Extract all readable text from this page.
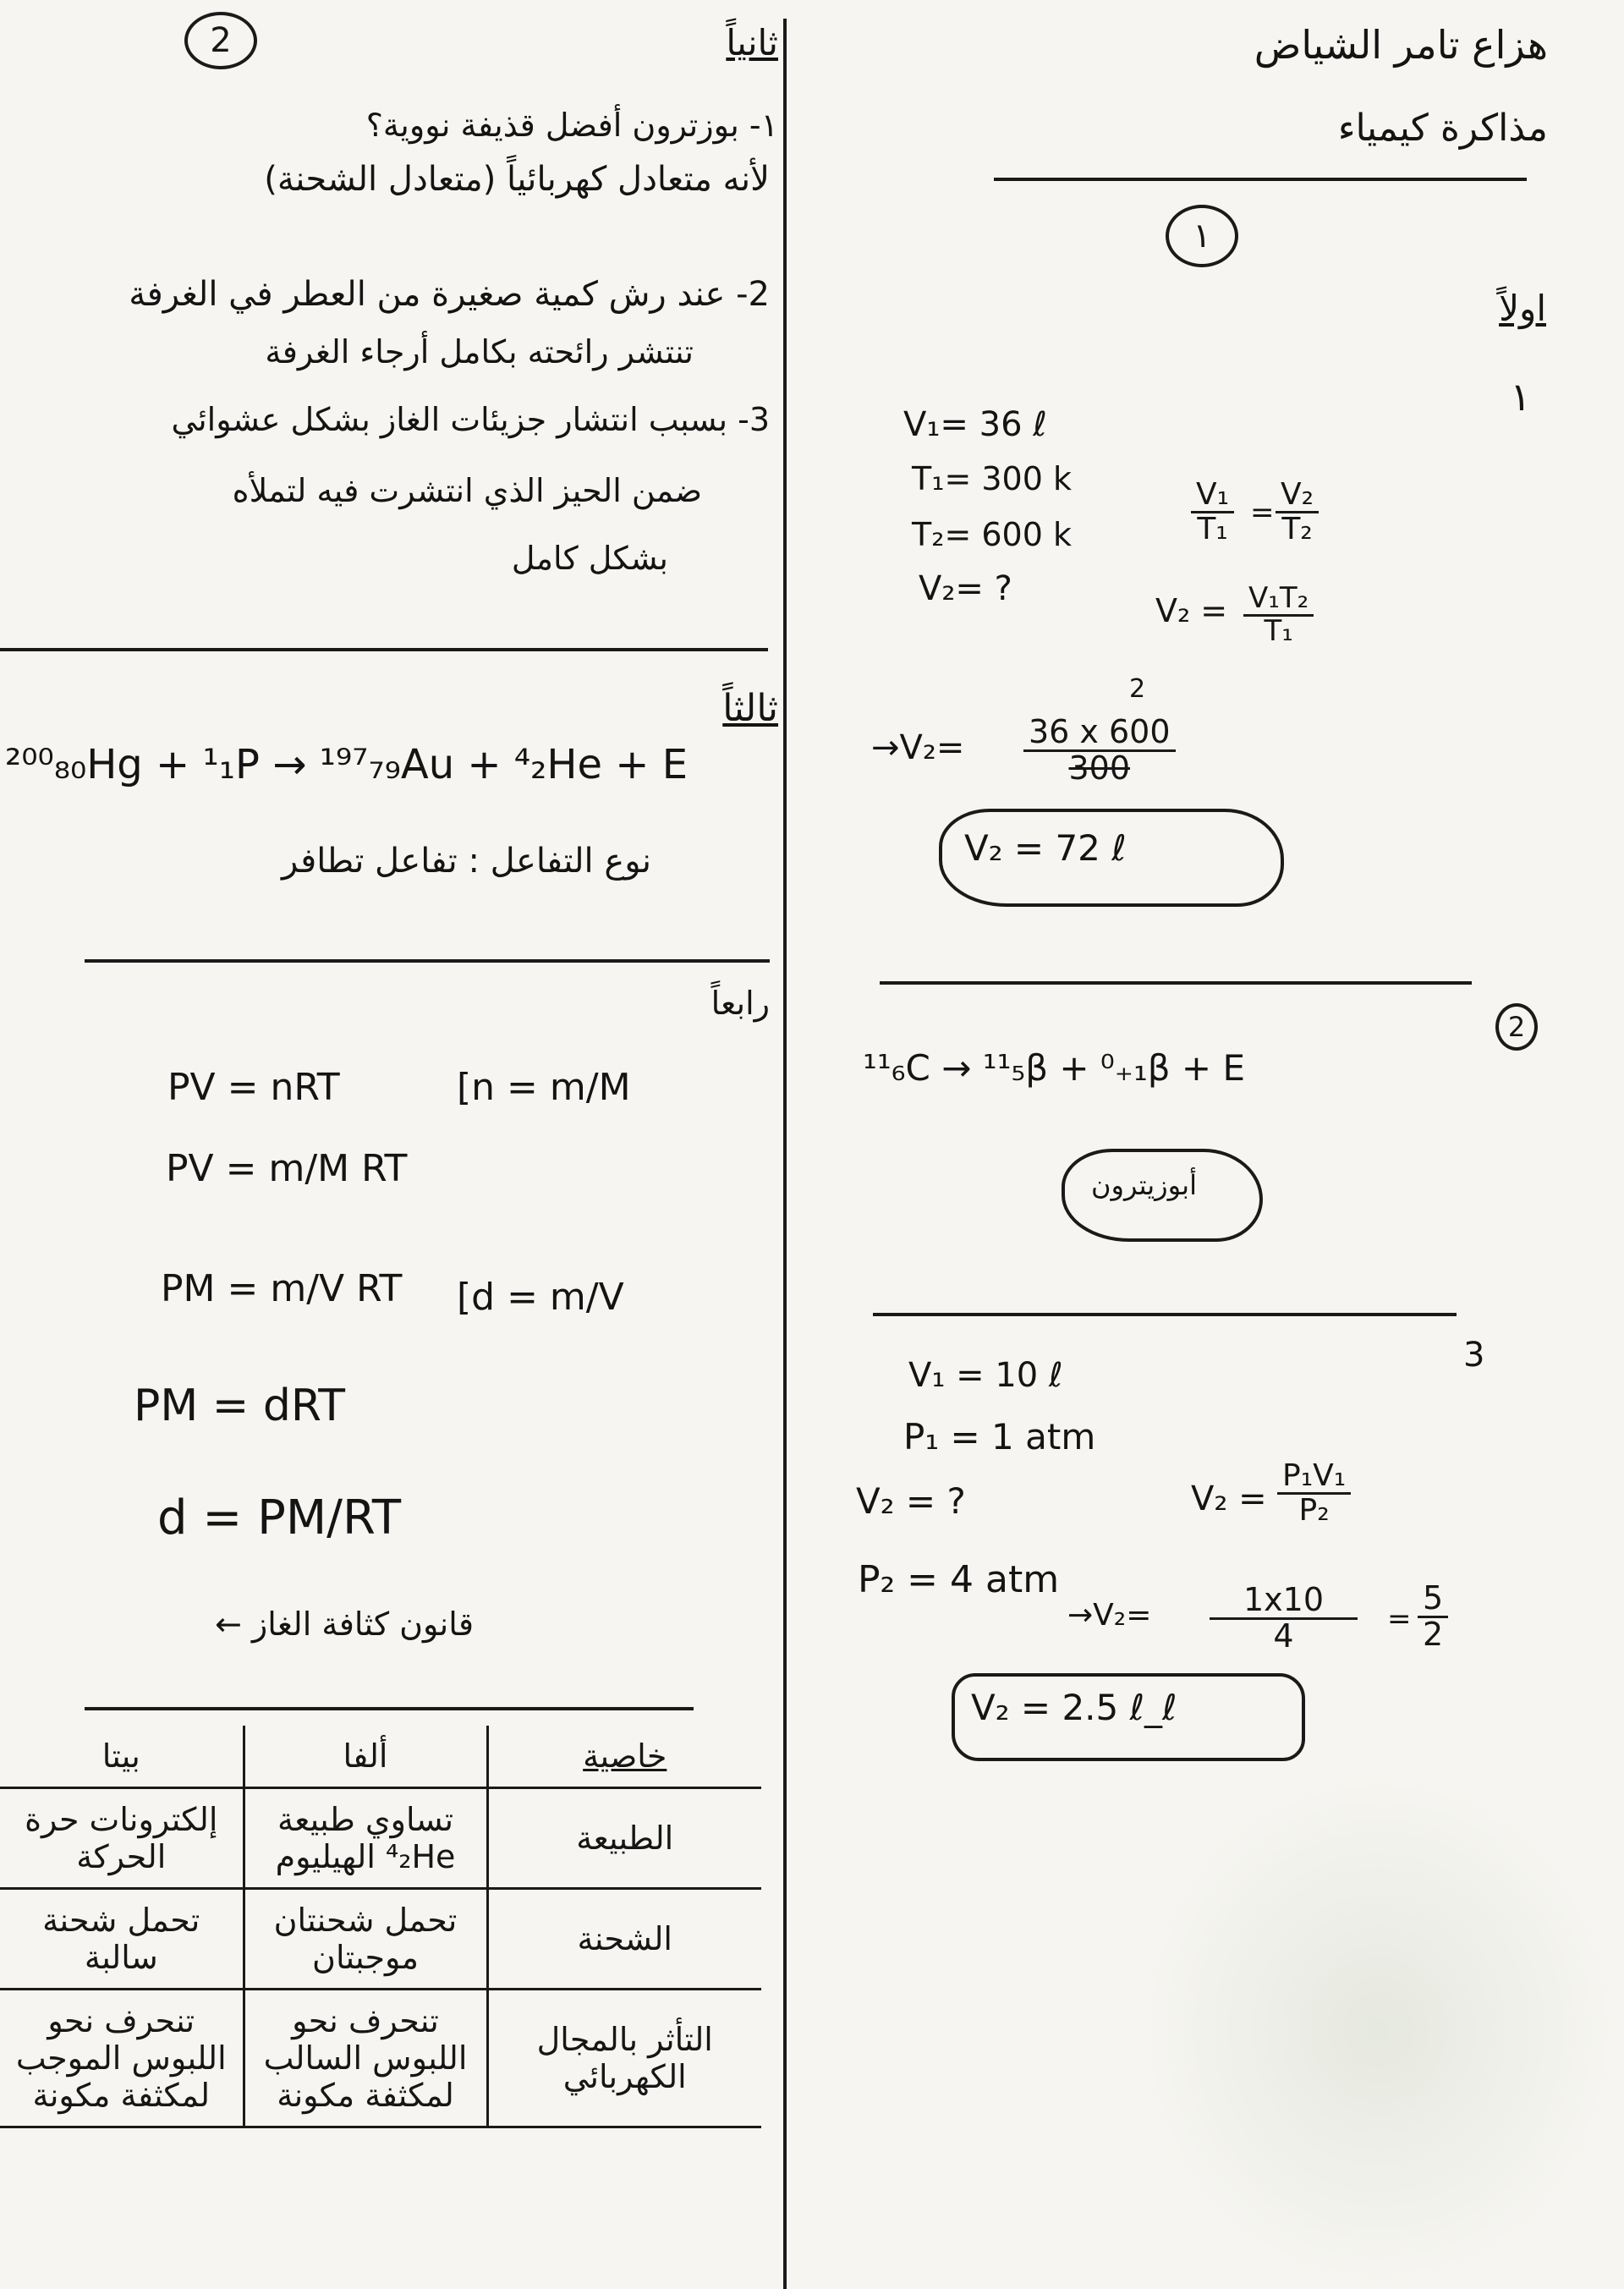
هزاع تامر الشياض
مذاكرة كيمياء
١
اولاً
١
V₁= 36 ℓ
T₁= 300 k
T₂= 600 k
V₂= ?
$\frac{\text{V₁}}{\text{T₁}} = \frac{\text{V₂}}{\text{T₂}}$
$V_2 = \frac{\text{V₁T₂}}{\text{T₁}}$
2
$\to V_2= \frac{36 x 600}{300}$
V₂ = 72 ℓ
2
¹¹₆C → ¹¹₅β + ⁰₊₁β + E
أبوزيترون
3
V₁ = 10 ℓ
P₁ = 1 atm
V₂ = ?
P₂ = 4 atm
$V_2 = \frac{\text{P₁V₁}}{\text{P₂}}$
$\to V_2= \frac{1x10}{4} = \frac{5}{2}$
V₂ = 2.5 ℓ_ℓ
2	ثانياً
١- بوزترون أفضل قذيفة نووية؟
لأنه متعادل كهربائياً (متعادل الشحنة)
2- عند رش كمية صغيرة من العطر في الغرفة
تنتشر رائحته بكامل أرجاء الغرفة
3- بسبب انتشار جزيئات الغاز بشكل عشوائي
ضمن الحيز الذي انتشرت فيه لتملأه
بشكل كامل
ثالثاً
²⁰⁰₈₀Hg + ¹₁P → ¹⁹⁷₇₉Au + ⁴₂He + E
نوع التفاعل : تفاعل تطافر
رابعاً
PV = nRT	[n = m/M
PV = m/M RT
PM = m/V RT [d = m/V
PM = dRT
d = PM/RT
قانون كثافة الغاز ←
بيتا	ألفا	خاصية
إلكترونات حرة الحركة	تساوي طبيعة ⁴₂He الهيليوم	الطبيعة
تحمل شحنة سالبة	تحمل شحنتان موجبتان	الشحنة
تنحرف نحو اللبوس الموجب لمكثفة مكونة	تنحرف نحو اللبوس السالب لمكثفة مكونة	التأثر بالمجال الكهربائي
